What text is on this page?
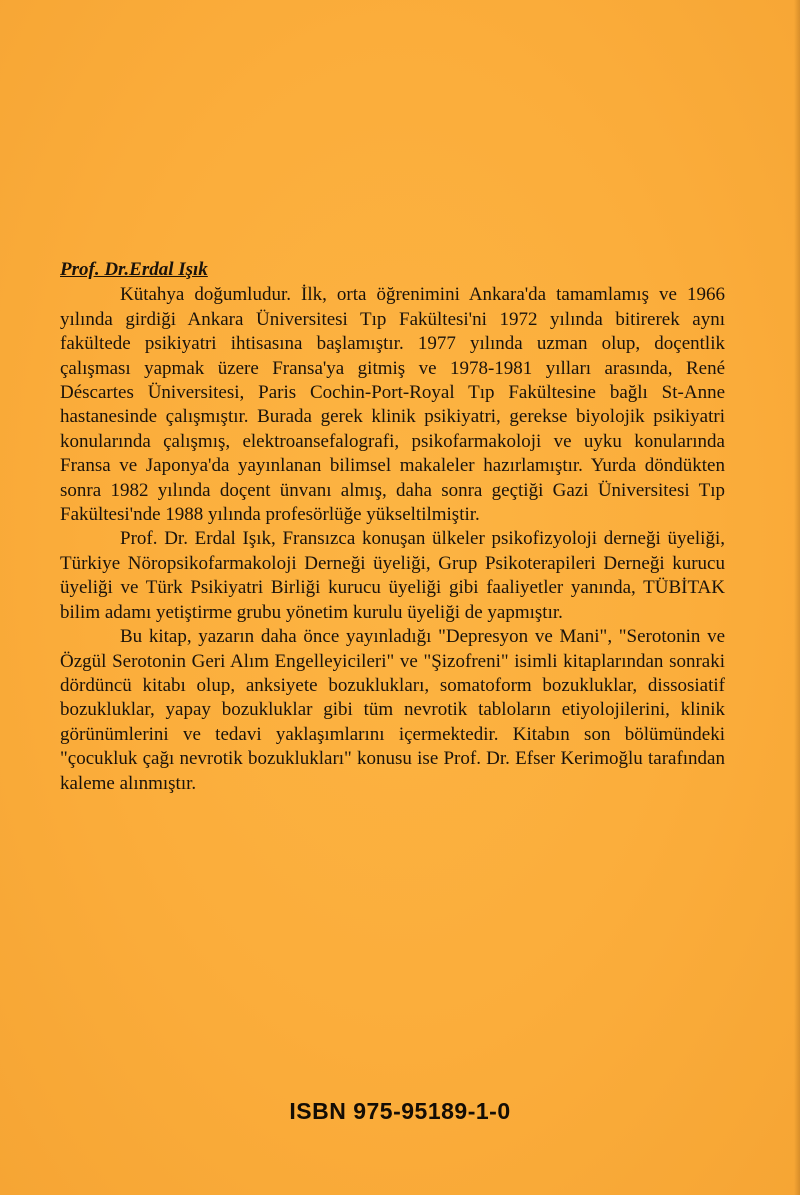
Prof. Dr.Erdal Işık

Kütahya doğumludur. İlk, orta öğrenimini Ankara'da tamamlamış ve 1966 yılında girdiği Ankara Üniversitesi Tıp Fakültesi'ni 1972 yılında bitirerek aynı fakültede psikiyatri ihtisasına başlamıştır. 1977 yılında uzman olup, doçentlik çalışması yapmak üzere Fransa'ya gitmiş ve 1978-1981 yılları arasında, René Déscartes Üniversitesi, Paris Cochin-Port-Royal Tıp Fakültesine bağlı St-Anne hastanesinde çalışmıştır. Burada gerek klinik psikiyatri, gerekse biyolojik psikiyatri konularında çalışmış, elektroansefalografi, psikofarmakoloji ve uyku konularında Fransa ve Japonya'da yayınlanan bilimsel makaleler hazırlamıştır. Yurda döndükten sonra 1982 yılında doçent ünvanı almış, daha sonra geçtiği Gazi Üniversitesi Tıp Fakültesi'nde 1988 yılında profesörlüğe yükseltilmiştir.

Prof. Dr. Erdal Işık, Fransızca konuşan ülkeler psikofizyoloji derneği üyeliği, Türkiye Nöropsikofarmakoloji Derneği üyeliği, Grup Psikoterapileri Derneği kurucu üyeliği ve Türk Psikiyatri Birliği kurucu üyeliği gibi faaliyetler yanında, TÜBİTAK bilim adamı yetiştirme grubu yönetim kurulu üyeliği de yapmıştır.

Bu kitap, yazarın daha önce yayınladığı "Depresyon ve Mani", "Serotonin ve Özgül Serotonin Geri Alım Engelleyicileri" ve "Şizofreni" isimli kitaplarından sonraki dördüncü kitabı olup, anksiyete bozuklukları, somatoform bozukluklar, dissosiatif bozukluklar, yapay bozukluklar gibi tüm nevrotik tabloların etiyolojilerini, klinik görünümlerini ve tedavi yaklaşımlarını içermektedir. Kitabın son bölümündeki "çocukluk çağı nevrotik bozuklukları" konusu ise Prof. Dr. Efser Kerimoğlu tarafından kaleme alınmıştır.

ISBN 975-95189-1-0
